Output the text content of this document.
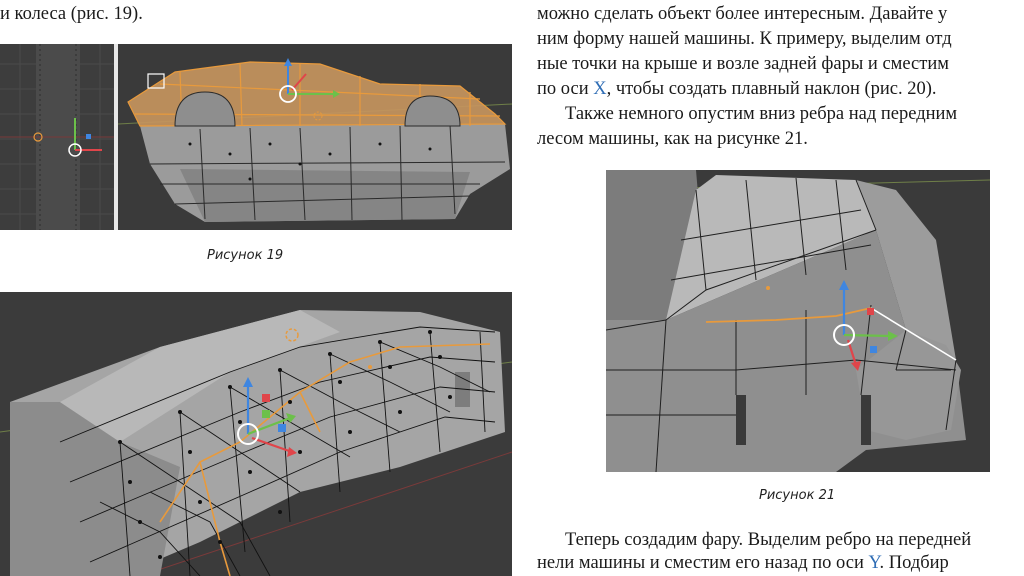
и колеса (рис. 19).
Рисунок 19
можно сделать объект более интересным. Давайте у
ним форму нашей машины. К примеру, выделим отд
ные точки на крыше и возле задней фары и сместим
по оси X, чтобы создать плавный наклон (рис. 20).
Также немного опустим вниз ребра над передним
лесом машины, как на рисунке 21.
Рисунок 21
Теперь создадим фару. Выделим ребро на передней
нели машины и сместим его назад по оси Y. Подбир
